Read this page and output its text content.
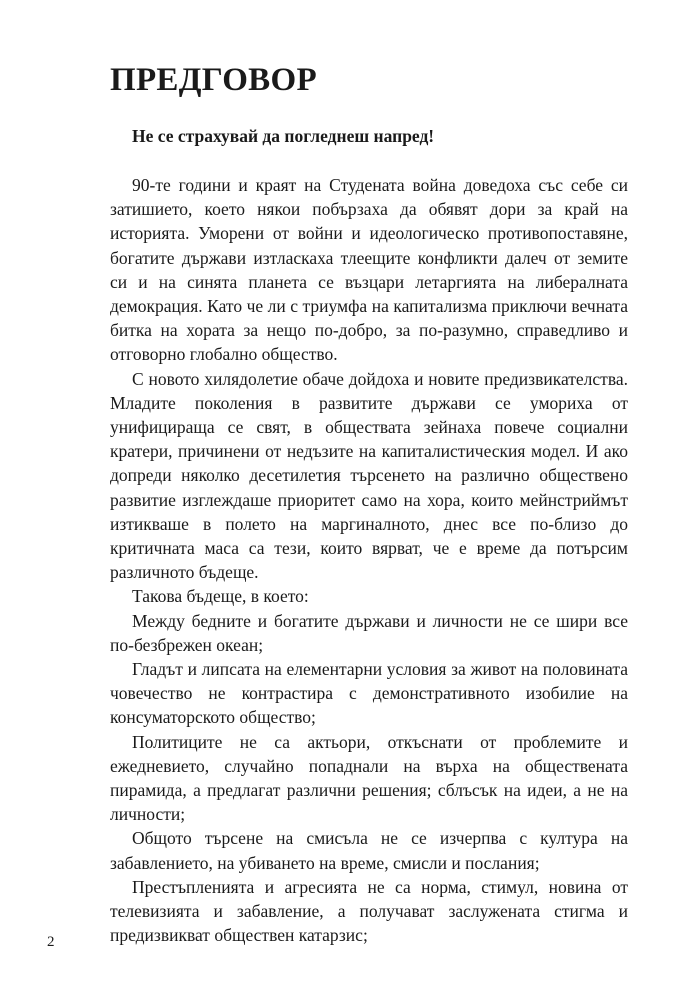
ПРЕДГОВОР
Не се страхувай да погледнеш напред!

90-те години и краят на Студената война доведоха със себе си затишието, което някои побързаха да обявят дори за край на историята. Уморени от войни и идеологическо противопоставяне, богатите държави изтласкаха тлеещите конфликти далеч от земите си и на синята планета се възцари летаргията на либералната демокрация. Като че ли с триумфа на капитализма приключи вечната битка на хората за нещо по-добро, за по-разумно, справедливо и отговорно глобално общество.

С новото хилядолетие обаче дойдоха и новите предизвикателства. Младите поколения в развитите държави се умориха от унифицираща се свят, в обществата зейнаха повече социални кратери, причинени от недъзите на капиталистическия модел. И ако допреди няколко десетилетия търсенето на различно обществено развитие изглеждаше приоритет само на хора, които мейнстриймът изтикваше в полето на маргиналното, днес все по-близо до критичната маса са тези, които вярват, че е време да потърсим различното бъдеще.

Такова бъдеще, в което:

Между бедните и богатите държави и личности не се шири все по-безбрежен океан;

Гладът и липсата на елементарни условия за живот на половината човечество не контрастира с демонстративното изобилие на консуматорското общество;

Политиците не са актьори, откъснати от проблемите и ежедневието, случайно попаднали на върха на обществената пирамида, а предлагат различни решения; сблъсък на идеи, а не на личности;

Общото търсене на смисъла не се изчерпва с култура на забавлението, на убиването на време, смисли и послания;

Престъпленията и агресията не са норма, стимул, новина от телевизията и забавление, а получават заслужената стигма и предизвикват обществен катарзис;

2
